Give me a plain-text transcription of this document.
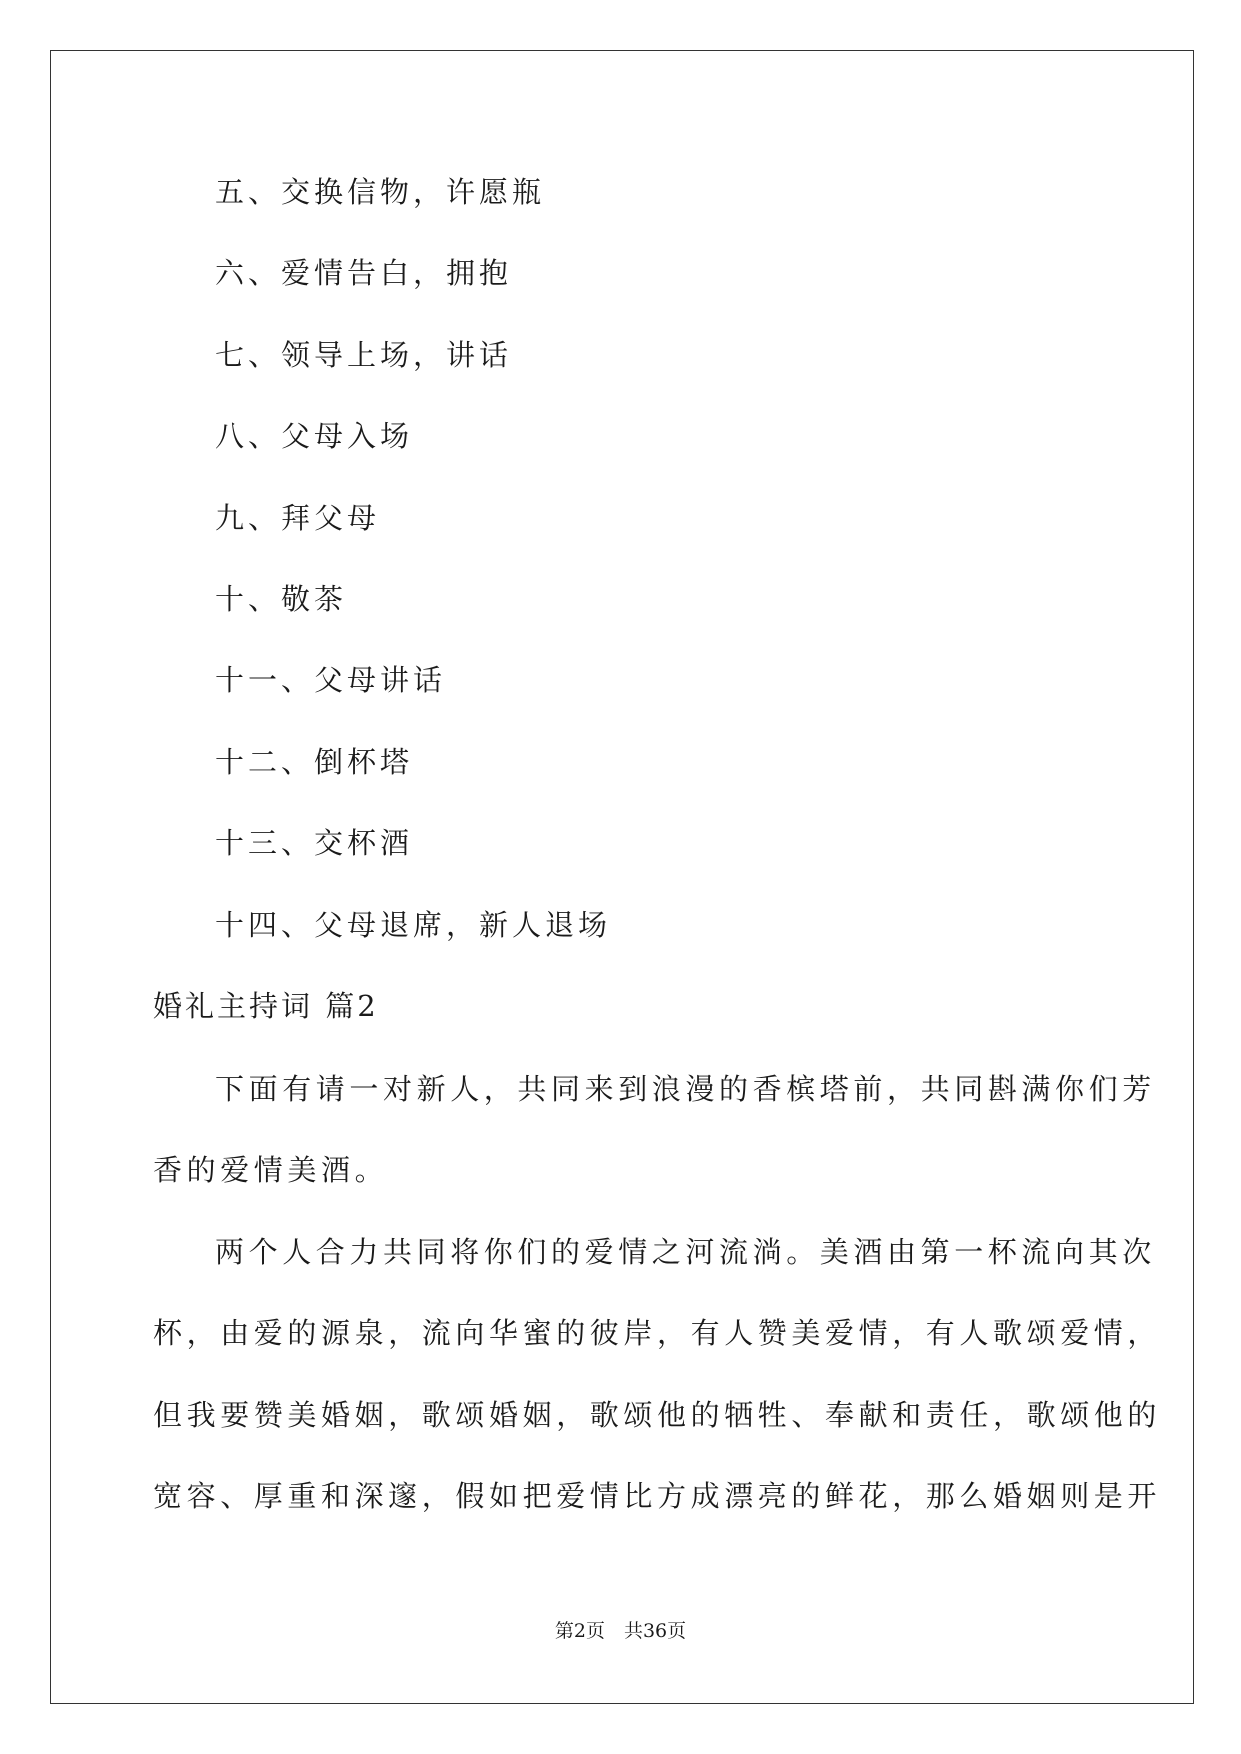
五、交换信物，许愿瓶
六、爱情告白，拥抱
七、领导上场，讲话
八、父母入场
九、拜父母
十、敬茶
十一、父母讲话
十二、倒杯塔
十三、交杯酒
十四、父母退席，新人退场
婚礼主持词 篇2
下面有请一对新人，共同来到浪漫的香槟塔前，共同斟满你们芳
香的爱情美酒。
两个人合力共同将你们的爱情之河流淌。美酒由第一杯流向其次
杯，由爱的源泉，流向华蜜的彼岸，有人赞美爱情，有人歌颂爱情，
但我要赞美婚姻，歌颂婚姻，歌颂他的牺牲、奉献和责任，歌颂他的
宽容、厚重和深邃，假如把爱情比方成漂亮的鲜花，那么婚姻则是开
第2页　共36页
